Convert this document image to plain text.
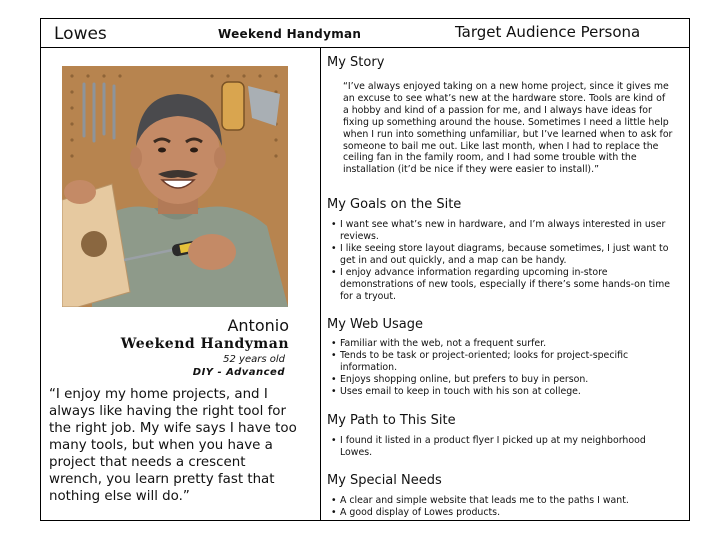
Lowes	Weekend Handyman	Target Audience Persona
Antonio
Weekend Handyman
52 years old
DIY - Advanced
“I enjoy my home projects, and I always like having the right tool for the right job. My wife says I have too many tools, but when you have a project that needs a crescent wrench, you learn pretty fast that nothing else will do.”
My Story
“I’ve always enjoyed taking on a new home project, since it gives me an excuse to see what’s new at the hardware store. Tools are kind of a hobby and kind of a passion for me, and I always have ideas for fixing up something around the house. Sometimes I need a little help when I run into something unfamiliar, but I’ve learned when to ask for someone to bail me out. Like last month, when I had to replace the ceiling fan in the family room, and I had some trouble with the installation (it’d be nice if they were easier to install).”
My Goals on the Site
• I want see what’s new in hardware, and I’m always interested in user reviews.
• I like seeing store layout diagrams, because sometimes, I just want to get in and out quickly, and a map can be handy.
• I enjoy advance information regarding upcoming in-store demonstrations of new tools, especially if there’s some hands-on time for a tryout.
My Web Usage
• Familiar with the web, not a frequent surfer.
• Tends to be task or project-oriented; looks for project-specific information.
• Enjoys shopping online, but prefers to buy in person.
• Uses email to keep in touch with his son at college.
My Path to This Site
• I found it listed in a product flyer I picked up at my neighborhood Lowes.
My Special Needs
• A clear and simple website that leads me to the paths I want.
• A good display of Lowes products.
